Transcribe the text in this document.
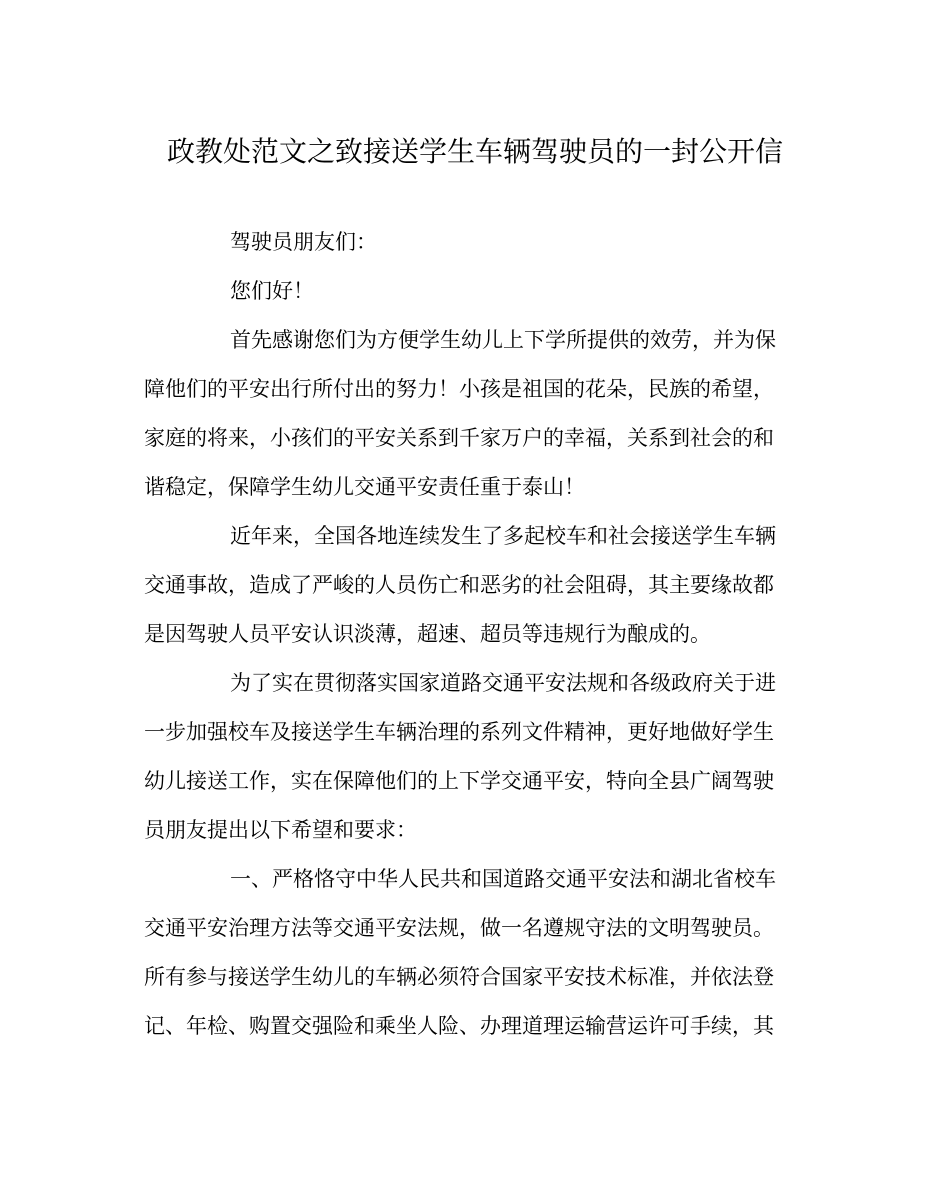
政教处范文之致接送学生车辆驾驶员的一封公开信

驾驶员朋友们：

您们好！

首先感谢您们为方便学生幼儿上下学所提供的效劳，并为保
障他们的平安出行所付出的努力！小孩是祖国的花朵，民族的希望，
家庭的将来，小孩们的平安关系到千家万户的幸福，关系到社会的和
谐稳定，保障学生幼儿交通平安责任重于泰山！

近年来，全国各地连续发生了多起校车和社会接送学生车辆
交通事故，造成了严峻的人员伤亡和恶劣的社会阻碍，其主要缘故都
是因驾驶人员平安认识淡薄，超速、超员等违规行为酿成的。

为了实在贯彻落实国家道路交通平安法规和各级政府关于进
一步加强校车及接送学生车辆治理的系列文件精神，更好地做好学生
幼儿接送工作，实在保障他们的上下学交通平安，特向全县广阔驾驶
员朋友提出以下希望和要求：

一、严格恪守中华人民共和国道路交通平安法和湖北省校车
交通平安治理方法等交通平安法规，做一名遵规守法的文明驾驶员。
所有参与接送学生幼儿的车辆必须符合国家平安技术标准，并依法登
记、年检、购置交强险和乘坐人险、办理道理运输营运许可手续，其
